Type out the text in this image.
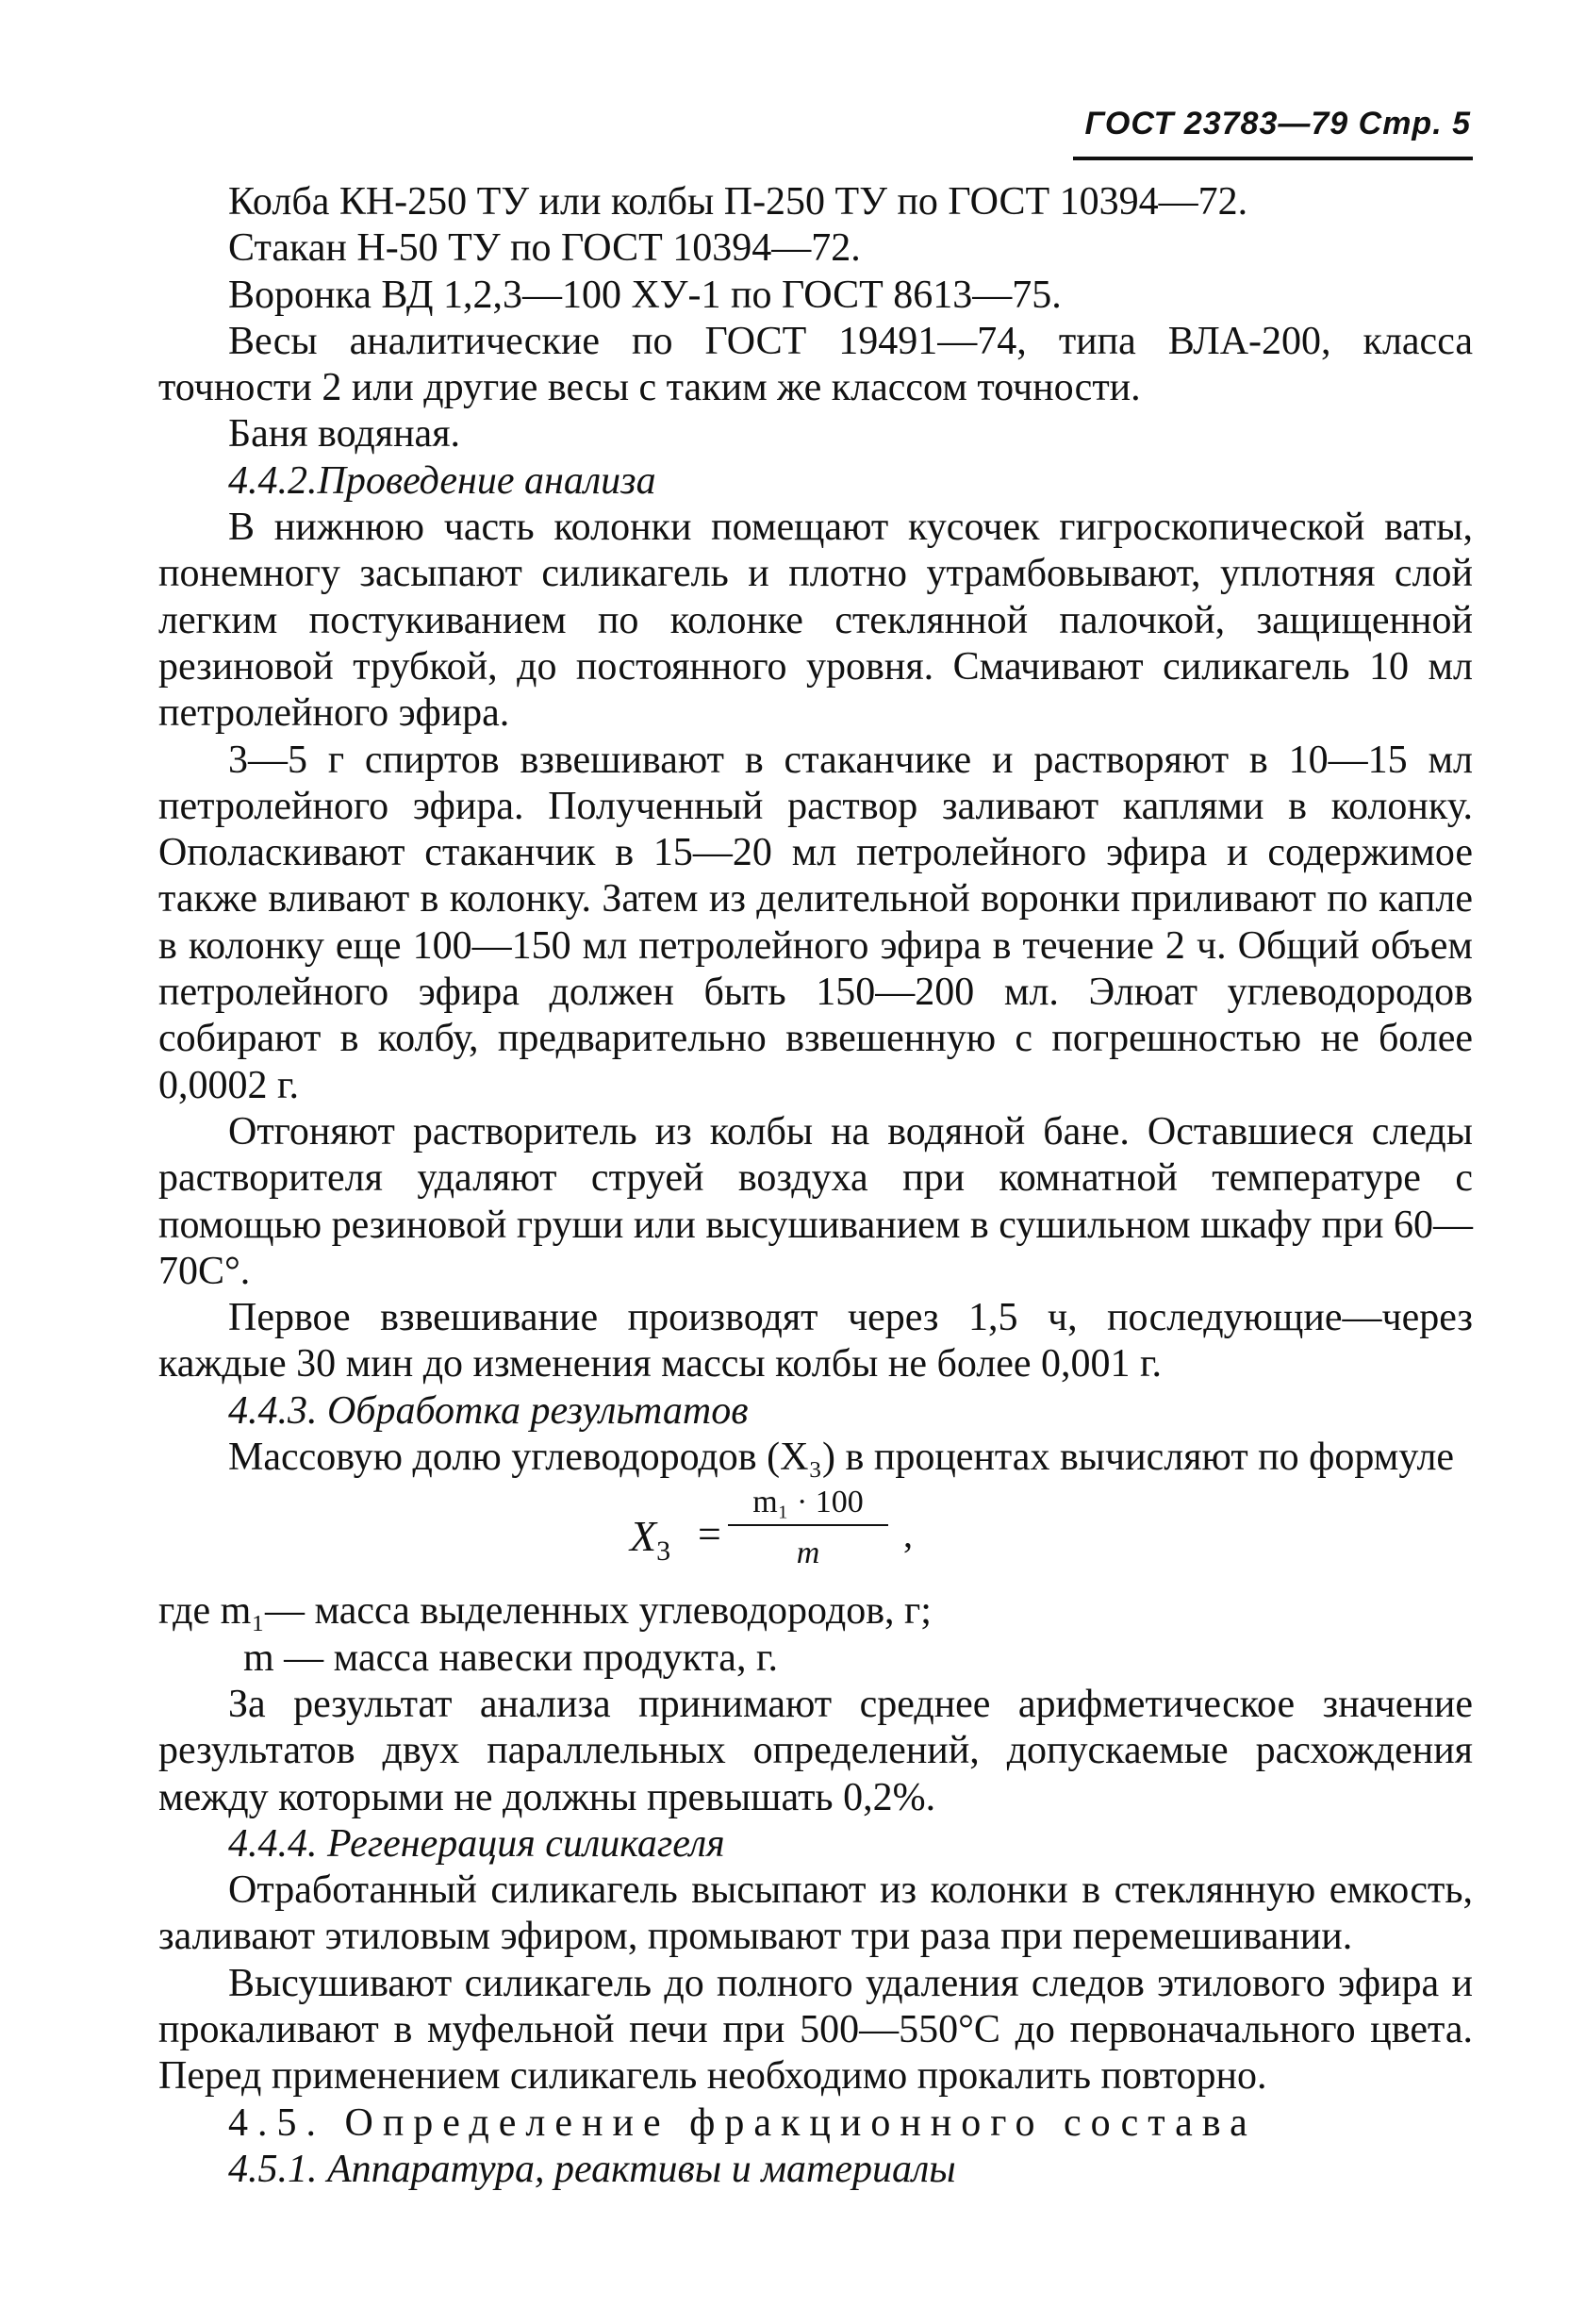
ГОСТ 23783—79 Стр. 5

Колба КН-250 ТУ или колбы П-250 ТУ по ГОСТ 10394—72.

Стакан Н-50 ТУ по ГОСТ 10394—72.

Воронка ВД 1,2,3—100 ХУ-1 по ГОСТ 8613—75.

Весы аналитические по ГОСТ 19491—74, типа ВЛА-200, класса точности 2 или другие весы с таким же классом точности.

Баня водяная.

4.4.2.Проведение анализа

В нижнюю часть колонки помещают кусочек гигроскопической ваты, понемногу засыпают силикагель и плотно утрамбовывают, уплотняя слой легким постукиванием по колонке стеклянной палочкой, защищенной резиновой трубкой, до постоянного уровня. Смачивают силикагель 10 мл петролейного эфира.

3—5 г спиртов взвешивают в стаканчике и растворяют в 10—15 мл петролейного эфира. Полученный раствор заливают каплями в колонку. Ополаскивают стаканчик в 15—20 мл петролейного эфира и содержимое также вливают в колонку. Затем из делительной воронки приливают по капле в колонку еще 100—150 мл петролейного эфира в течение 2 ч. Общий объем петролейного эфира должен быть 150—200 мл. Элюат углеводородов собирают в колбу, предварительно взвешенную с погрешностью не более 0,0002 г.

Отгоняют растворитель из колбы на водяной бане. Оставшиеся следы растворителя удаляют струей воздуха при комнатной температуре с помощью резиновой груши или высушиванием в сушильном шкафу при 60—70С°.

Первое взвешивание производят через 1,5 ч, последующие—через каждые 30 мин до изменения массы колбы не более 0,001 г.

4.4.3. Обработка результатов

Массовую долю углеводородов (X₃) в процентах вычисляют по формуле

$X_3$ =
m₁ · 100
m	,

где m₁— масса выделенных углеводородов, г;

m — масса навески продукта, г.

За результат анализа принимают среднее арифметическое значение результатов двух параллельных определений, допускаемые расхождения между которыми не должны превышать 0,2%.

4.4.4. Регенерация силикагеля

Отработанный силикагель высыпают из колонки в стеклянную емкость, заливают этиловым эфиром, промывают три раза при перемешивании.

Высушивают силикагель до полного удаления следов этилового эфира и прокаливают в муфельной печи при 500—550°С до первоначального цвета. Перед применением силикагель необходимо прокалить повторно.

4.5. Определение фракционного состава

4.5.1. Аппаратура, реактивы и материалы
